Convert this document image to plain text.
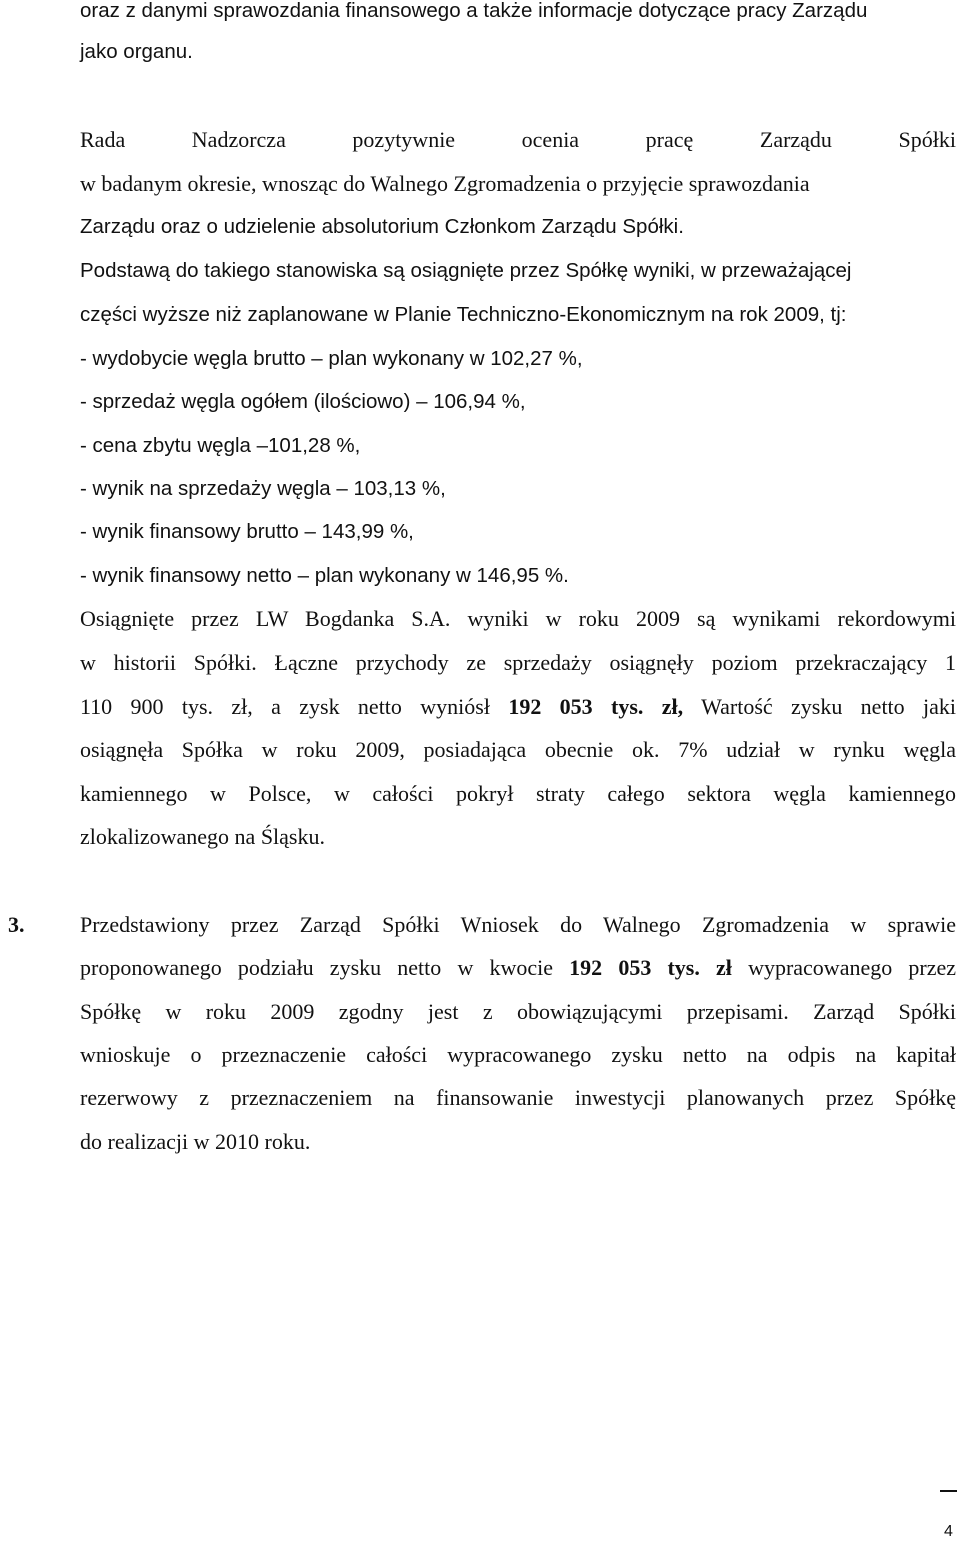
oraz z danymi sprawozdania finansowego a także informacje dotyczące pracy Zarządu
jako organu.
Rada Nadzorcza pozytywnie ocenia pracę Zarządu Spółki
w badanym okresie, wnosząc do Walnego Zgromadzenia o przyjęcie sprawozdania
Zarządu oraz o udzielenie absolutorium Członkom Zarządu Spółki.
Podstawą do takiego stanowiska są osiągnięte przez Spółkę wyniki, w przeważającej
części wyższe niż zaplanowane w Planie Techniczno-Ekonomicznym na rok 2009, tj:
- wydobycie węgla brutto – plan wykonany w 102,27 %,
- sprzedaż węgla ogółem (ilościowo) – 106,94 %,
- cena zbytu węgla –101,28 %,
- wynik na sprzedaży węgla – 103,13 %,
- wynik finansowy brutto – 143,99 %,
- wynik finansowy netto – plan wykonany w 146,95 %.
Osiągnięte przez LW Bogdanka S.A. wyniki w roku 2009 są wynikami rekordowymi
w historii Spółki. Łączne przychody ze sprzedaży osiągnęły poziom przekraczający 1
110 900 tys. zł, a zysk netto wyniósł 192 053 tys. zł, Wartość zysku netto jaki
osiągnęła Spółka w roku 2009, posiadająca obecnie ok. 7% udział w rynku węgla
kamiennego w Polsce, w całości pokrył straty całego sektora węgla kamiennego
zlokalizowanego na Śląsku.
3.	Przedstawiony przez Zarząd Spółki Wniosek do Walnego Zgromadzenia w sprawie
proponowanego podziału zysku netto w kwocie 192 053 tys. zł wypracowanego przez
Spółkę w roku 2009 zgodny jest z obowiązującymi przepisami. Zarząd Spółki
wnioskuje o przeznaczenie całości wypracowanego zysku netto na odpis na kapitał
rezerwowy z przeznaczeniem na finansowanie inwestycji planowanych przez Spółkę
do realizacji w 2010 roku.
4
